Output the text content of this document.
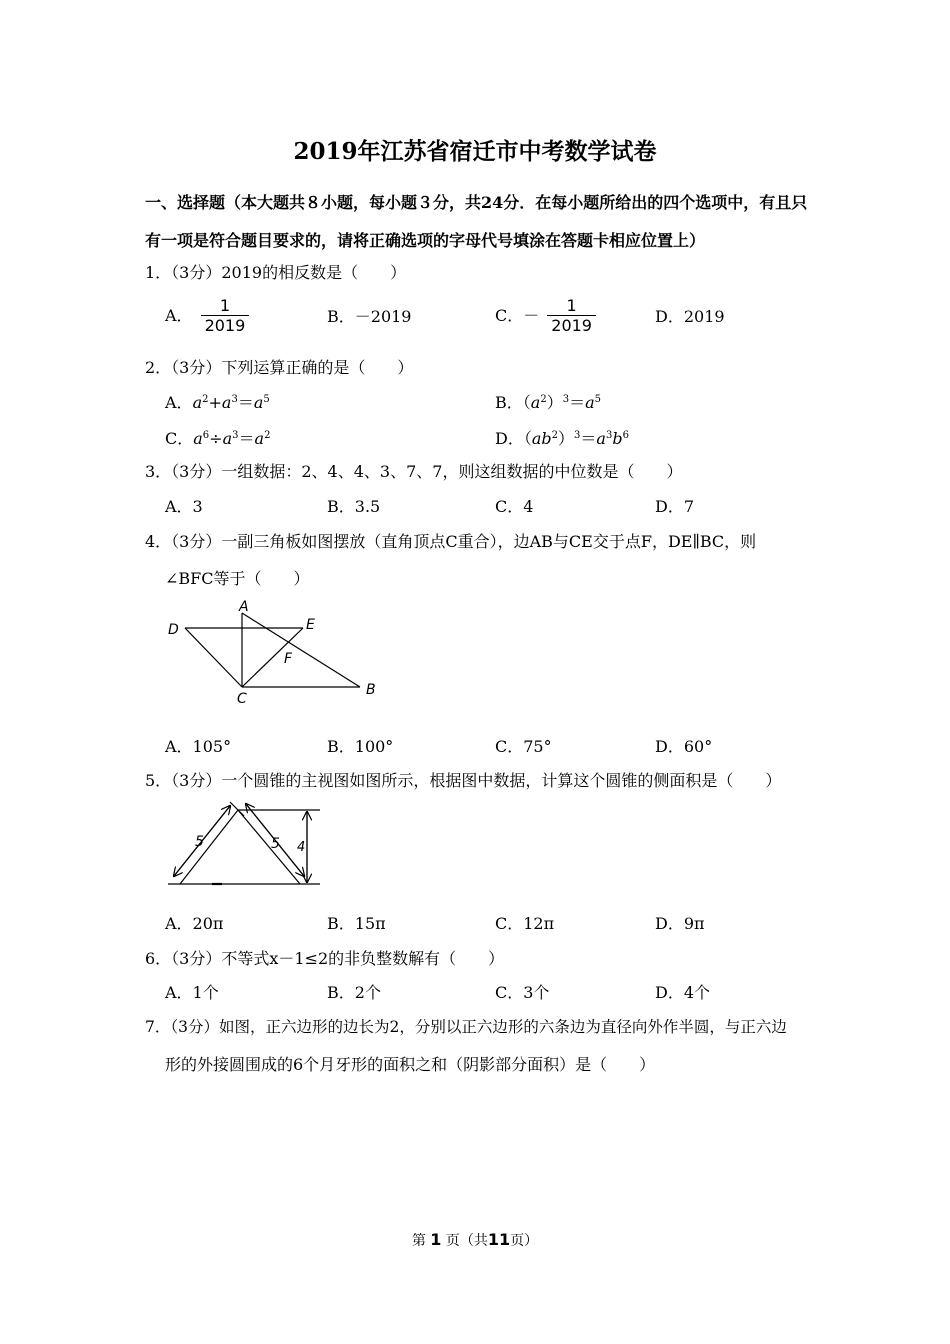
2019年江苏省宿迁市中考数学试卷
一、选择题（本大题共８小题，每小题３分，共24分．在每小题所给出的四个选项中，有且只
有一项是符合题目要求的，请将正确选项的字母代号填涂在答题卡相应位置上）
1．（3分）2019的相反数是（　　）
A． $\frac{1}{2019}$	B．－2019	C．－ $\frac{1}{2019}$	D．2019
2．（3分）下列运算正确的是（　　）
A．$a^2+a^3=a^5$	B．$(a^2)^3=a^5$
C．$a^6\div a^3=a^2$	D．$(ab^2)^3=a^3b^6$
3．（3分）一组数据：2、4、4、3、7、7，则这组数据的中位数是（　　）
A．3	B．3.5	C．4	D．7
4．（3分）一副三角板如图摆放（直角顶点C重合），边AB与CE交于点F，DE∥BC，则
∠BFC等于（　　）
A
D	E
F
C
B
A．105°	B．100°	C．75°	D．60°
5．（3分）一个圆锥的主视图如图所示，根据图中数据，计算这个圆锥的侧面积是（　　）
5	5 4
A．20π	B．15π	C．12π	D．9π
6．（3分）不等式x－1≤2的非负整数解有（　　）
A．1个	B．2个	C．3个	D．4个
7．（3分）如图，正六边形的边长为2，分别以正六边形的六条边为直径向外作半圆，与正六边
形的外接圆围成的6个月牙形的面积之和（阴影部分面积）是（　　）
第 1 页（共11页）
